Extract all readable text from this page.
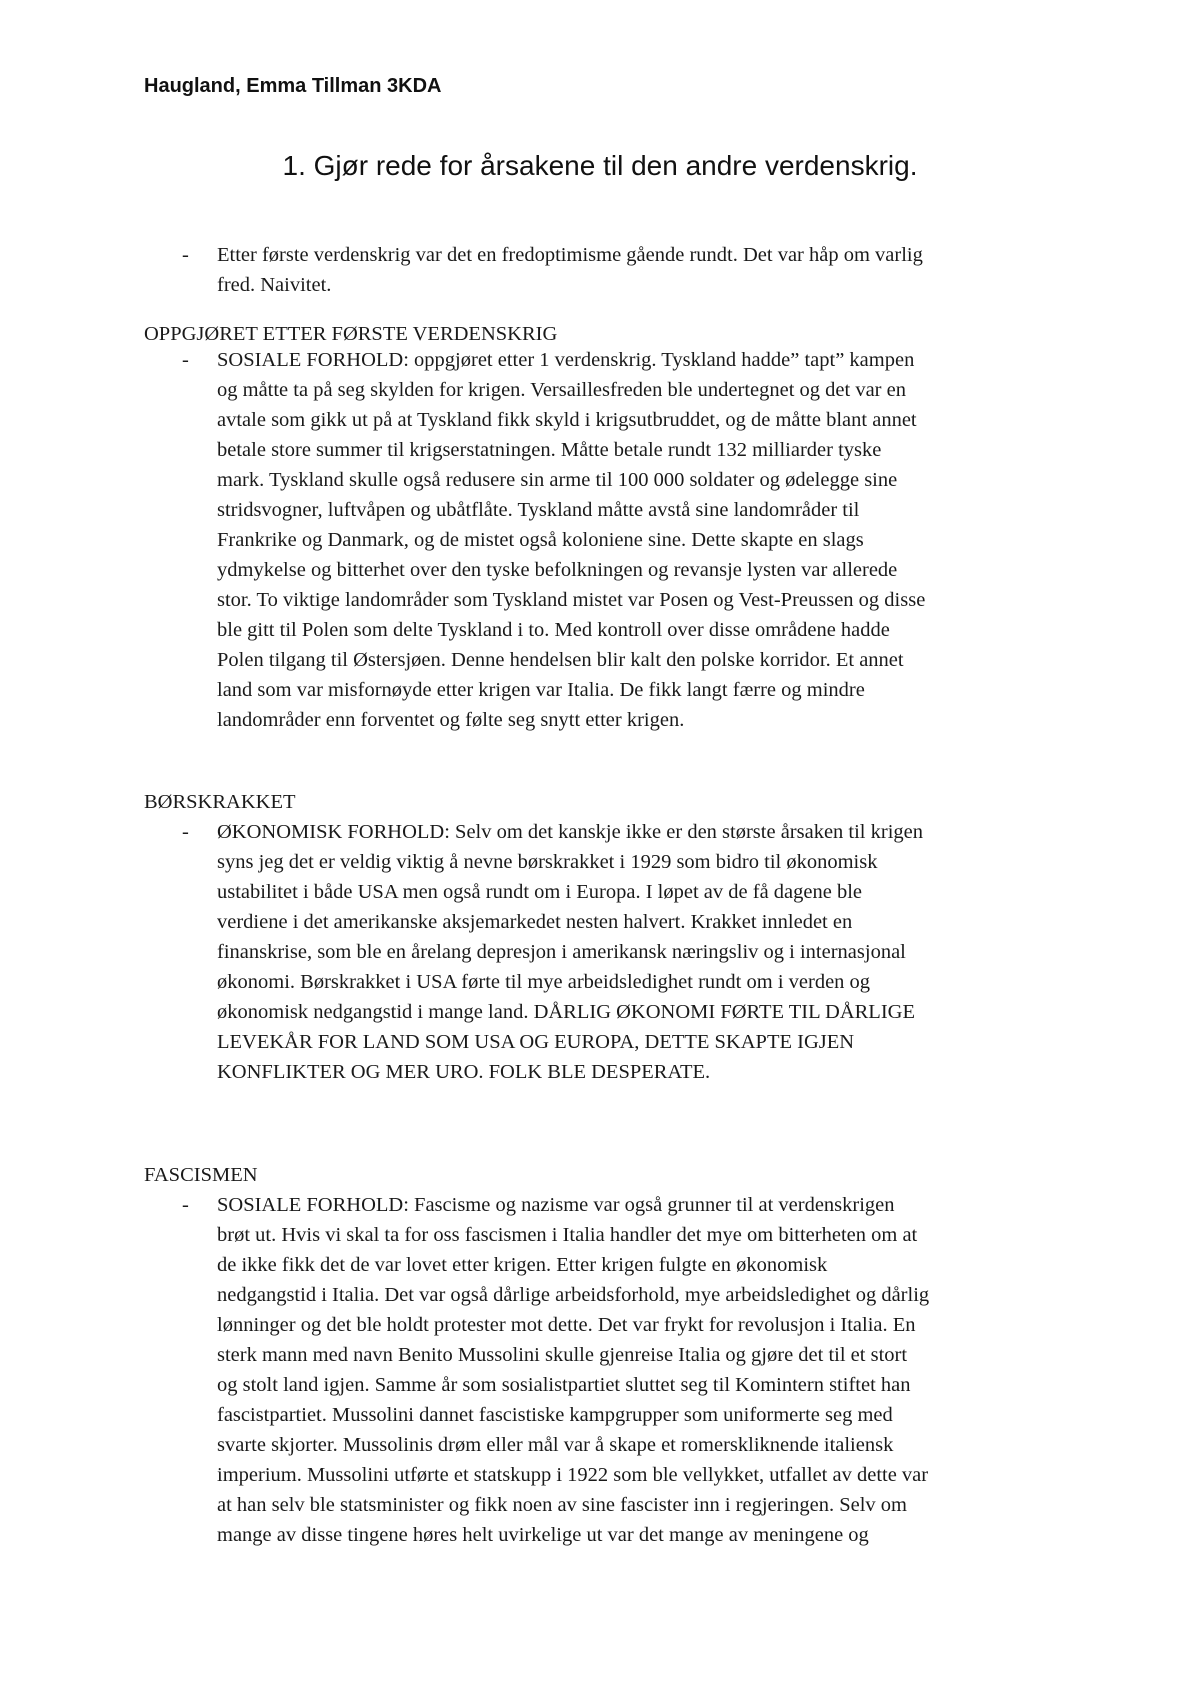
Haugland, Emma Tillman 3KDA
1. Gjør rede for årsakene til den andre verdenskrig.
- Etter første verdenskrig var det en fredoptimisme gående rundt. Det var håp om varlig
fred. Naivitet.
OPPGJØRET ETTER FØRSTE VERDENSKRIG
- SOSIALE FORHOLD: oppgjøret etter 1 verdenskrig. Tyskland hadde” tapt” kampen
og måtte ta på seg skylden for krigen. Versaillesfreden ble undertegnet og det var en
avtale som gikk ut på at Tyskland fikk skyld i krigsutbruddet, og de måtte blant annet
betale store summer til krigserstatningen. Måtte betale rundt 132 milliarder tyske
mark. Tyskland skulle også redusere sin arme til 100 000 soldater og ødelegge sine
stridsvogner, luftvåpen og ubåtflåte. Tyskland måtte avstå sine landområder til
Frankrike og Danmark, og de mistet også koloniene sine. Dette skapte en slags
ydmykelse og bitterhet over den tyske befolkningen og revansje lysten var allerede
stor. To viktige landområder som Tyskland mistet var Posen og Vest-Preussen og disse
ble gitt til Polen som delte Tyskland i to. Med kontroll over disse områdene hadde
Polen tilgang til Østersjøen. Denne hendelsen blir kalt den polske korridor. Et annet
land som var misfornøyde etter krigen var Italia. De fikk langt færre og mindre
landområder enn forventet og følte seg snytt etter krigen.
BØRSKRAKKET
- ØKONOMISK FORHOLD: Selv om det kanskje ikke er den største årsaken til krigen
syns jeg det er veldig viktig å nevne børskrakket i 1929 som bidro til økonomisk
ustabilitet i både USA men også rundt om i Europa. I løpet av de få dagene ble
verdiene i det amerikanske aksjemarkedet nesten halvert. Krakket innledet en
finanskrise, som ble en årelang depresjon i amerikansk næringsliv og i internasjonal
økonomi. Børskrakket i USA førte til mye arbeidsledighet rundt om i verden og
økonomisk nedgangstid i mange land. DÅRLIG ØKONOMI FØRTE TIL DÅRLIGE
LEVEKÅR FOR LAND SOM USA OG EUROPA, DETTE SKAPTE IGJEN
KONFLIKTER OG MER URO. FOLK BLE DESPERATE.
FASCISMEN
- SOSIALE FORHOLD: Fascisme og nazisme var også grunner til at verdenskrigen
brøt ut. Hvis vi skal ta for oss fascismen i Italia handler det mye om bitterheten om at
de ikke fikk det de var lovet etter krigen. Etter krigen fulgte en økonomisk
nedgangstid i Italia. Det var også dårlige arbeidsforhold, mye arbeidsledighet og dårlig
lønninger og det ble holdt protester mot dette. Det var frykt for revolusjon i Italia. En
sterk mann med navn Benito Mussolini skulle gjenreise Italia og gjøre det til et stort
og stolt land igjen. Samme år som sosialistpartiet sluttet seg til Komintern stiftet han
fascistpartiet. Mussolini dannet fascistiske kampgrupper som uniformerte seg med
svarte skjorter. Mussolinis drøm eller mål var å skape et romerskliknende italiensk
imperium. Mussolini utførte et statskupp i 1922 som ble vellykket, utfallet av dette var
at han selv ble statsminister og fikk noen av sine fascister inn i regjeringen. Selv om
mange av disse tingene høres helt uvirkelige ut var det mange av meningene og
